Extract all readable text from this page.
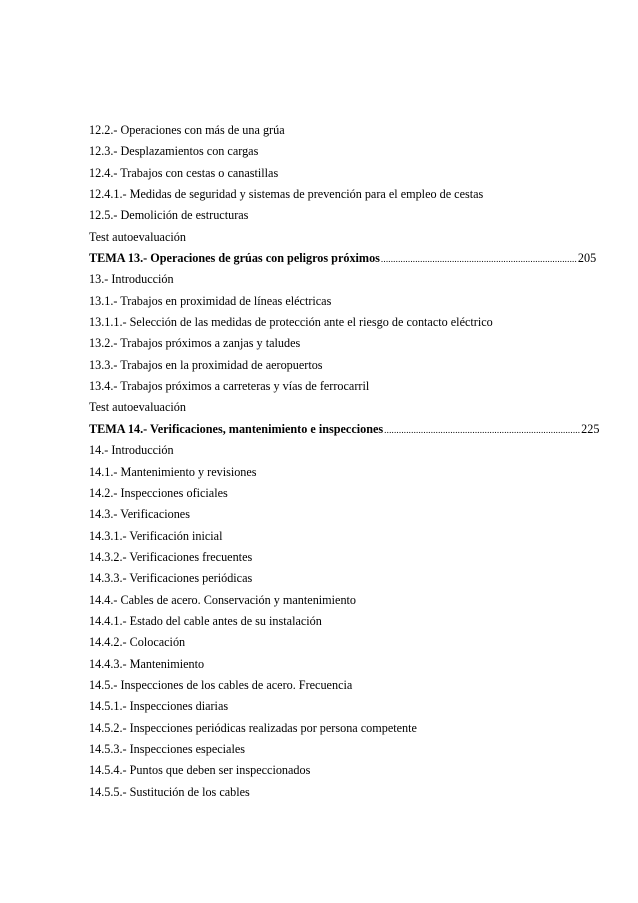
12.2.- Operaciones con más de una grúa
12.3.- Desplazamientos con cargas
12.4.- Trabajos con cestas o canastillas
12.4.1.- Medidas de seguridad y sistemas de prevención para el empleo de cestas
12.5.- Demolición de estructuras
Test autoevaluación
TEMA 13.- Operaciones de grúas con peligros próximos ................................................................................ 205
13.- Introducción
13.1.- Trabajos en proximidad de líneas eléctricas
13.1.1.- Selección de las medidas de protección ante el riesgo de contacto eléctrico
13.2.- Trabajos próximos a zanjas y taludes
13.3.- Trabajos en la proximidad de aeropuertos
13.4.- Trabajos próximos a carreteras y vías de ferrocarril
Test autoevaluación
TEMA 14.- Verificaciones, mantenimiento e inspecciones ................................................................................ 225
14.- Introducción
14.1.- Mantenimiento y revisiones
14.2.- Inspecciones oficiales
14.3.- Verificaciones
14.3.1.- Verificación inicial
14.3.2.- Verificaciones frecuentes
14.3.3.- Verificaciones periódicas
14.4.- Cables de acero. Conservación y mantenimiento
14.4.1.- Estado del cable antes de su instalación
14.4.2.- Colocación
14.4.3.- Mantenimiento
14.5.- Inspecciones de los cables de acero. Frecuencia
14.5.1.- Inspecciones diarias
14.5.2.- Inspecciones periódicas realizadas por persona competente
14.5.3.- Inspecciones especiales
14.5.4.- Puntos que deben ser inspeccionados
14.5.5.- Sustitución de los cables
